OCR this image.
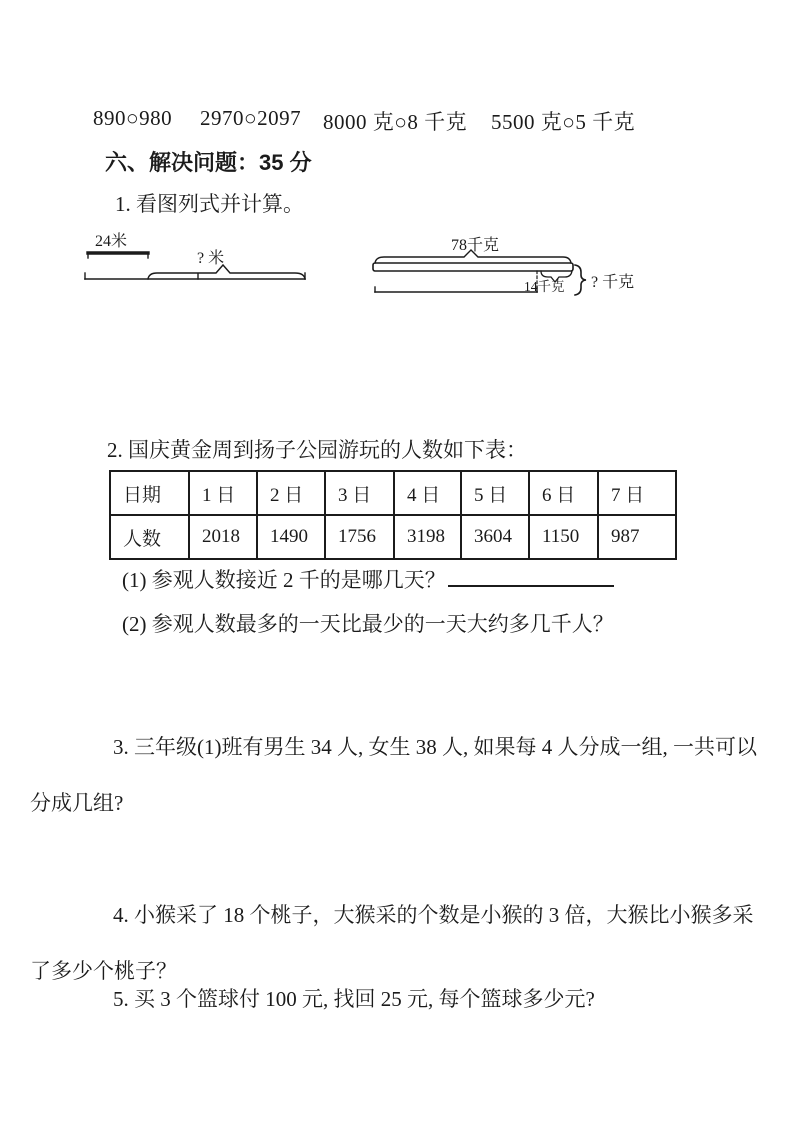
890○980 2970○2097 8000 克○8 千克 5500 克○5 千克
六、解决问题：35 分
1. 看图列式并计算。
24米
? 米
78千克
14千克 ? 千克
2. 国庆黄金周到扬子公园游玩的人数如下表：
日期	1 日	2 日	3 日	4 日	5 日	6 日	7 日
人数	2018	1490	1756	3198	3604	1150	987
(1) 参观人数接近 2 千的是哪几天？
(2) 参观人数最多的一天比最少的一天大约多几千人？
3. 三年级(1)班有男生 34 人, 女生 38 人, 如果每 4 人分成一组, 一共可以分成几组?
4. 小猴采了 18 个桃子，大猴采的个数是小猴的 3 倍，大猴比小猴多采了多少个桃子？
5. 买 3 个篮球付 100 元, 找回 25 元, 每个篮球多少元?
